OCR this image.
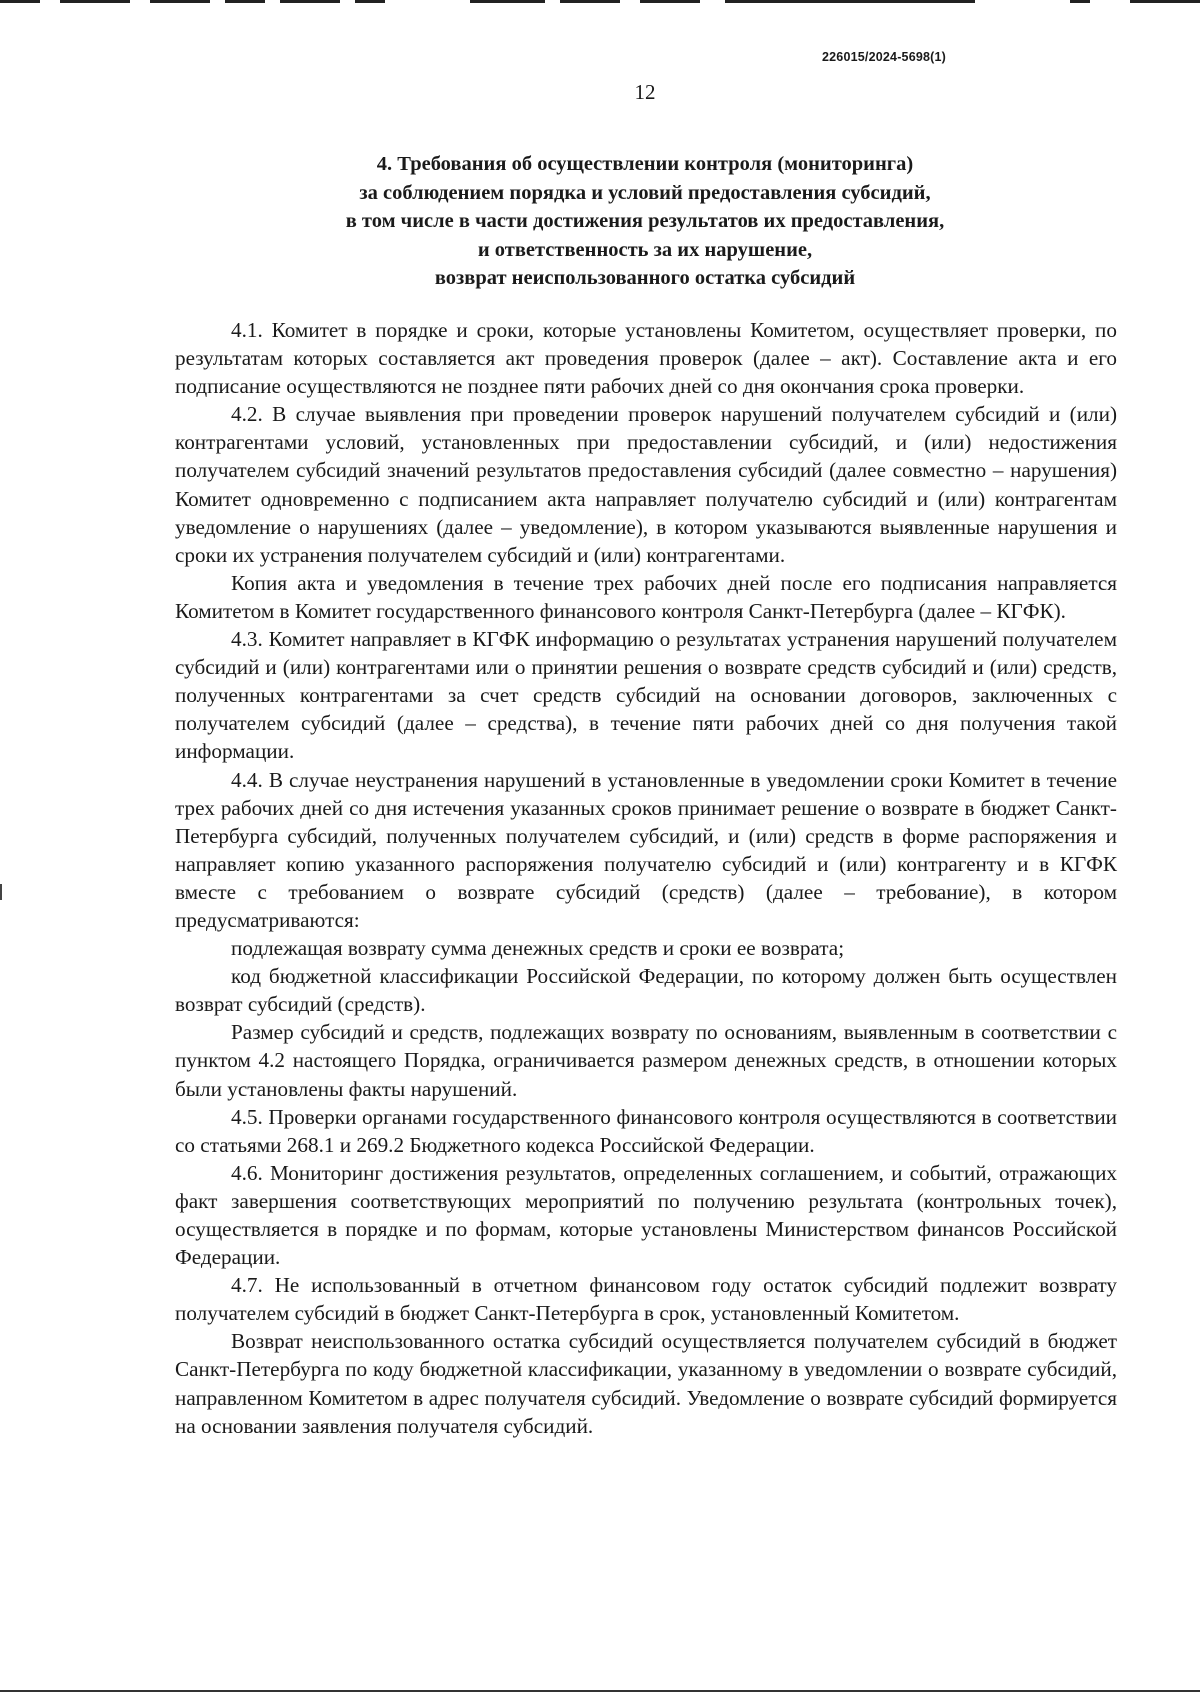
226015/2024-5698(1)
12
4. Требования об осуществлении контроля (мониторинга)
за соблюдением порядка и условий предоставления субсидий,
в том числе в части достижения результатов их предоставления,
и ответственность за их нарушение,
возврат неиспользованного остатка субсидий

4.1. Комитет в порядке и сроки, которые установлены Комитетом, осуществляет проверки, по результатам которых составляется акт проведения проверок (далее – акт). Составление акта и его подписание осуществляются не позднее пяти рабочих дней со дня окончания срока проверки.

4.2. В случае выявления при проведении проверок нарушений получателем субсидий и (или) контрагентами условий, установленных при предоставлении субсидий, и (или) недостижения получателем субсидий значений результатов предоставления субсидий (далее совместно – нарушения) Комитет одновременно с подписанием акта направляет получателю субсидий и (или) контрагентам уведомление о нарушениях (далее – уведомление), в котором указываются выявленные нарушения и сроки их устранения получателем субсидий и (или) контрагентами.

Копия акта и уведомления в течение трех рабочих дней после его подписания направляется Комитетом в Комитет государственного финансового контроля Санкт-Петербурга (далее – КГФК).

4.3. Комитет направляет в КГФК информацию о результатах устранения нарушений получателем субсидий и (или) контрагентами или о принятии решения о возврате средств субсидий и (или) средств, полученных контрагентами за счет средств субсидий на основании договоров, заключенных с получателем субсидий (далее – средства), в течение пяти рабочих дней со дня получения такой информации.

4.4. В случае неустранения нарушений в установленные в уведомлении сроки Комитет в течение трех рабочих дней со дня истечения указанных сроков принимает решение о возврате в бюджет Санкт-Петербурга субсидий, полученных получателем субсидий, и (или) средств в форме распоряжения и направляет копию указанного распоряжения получателю субсидий и (или) контрагенту и в КГФК вместе с требованием о возврате субсидий (средств) (далее – требование), в котором предусматриваются:

подлежащая возврату сумма денежных средств и сроки ее возврата;

код бюджетной классификации Российской Федерации, по которому должен быть осуществлен возврат субсидий (средств).

Размер субсидий и средств, подлежащих возврату по основаниям, выявленным в соответствии с пунктом 4.2 настоящего Порядка, ограничивается размером денежных средств, в отношении которых были установлены факты нарушений.

4.5. Проверки органами государственного финансового контроля осуществляются в соответствии со статьями 268.1 и 269.2 Бюджетного кодекса Российской Федерации.

4.6. Мониторинг достижения результатов, определенных соглашением, и событий, отражающих факт завершения соответствующих мероприятий по получению результата (контрольных точек), осуществляется в порядке и по формам, которые установлены Министерством финансов Российской Федерации.

4.7. Не использованный в отчетном финансовом году остаток субсидий подлежит возврату получателем субсидий в бюджет Санкт-Петербурга в срок, установленный Комитетом.

Возврат неиспользованного остатка субсидий осуществляется получателем субсидий в бюджет Санкт-Петербурга по коду бюджетной классификации, указанному в уведомлении о возврате субсидий, направленном Комитетом в адрес получателя субсидий. Уведомление о возврате субсидий формируется на основании заявления получателя субсидий.
